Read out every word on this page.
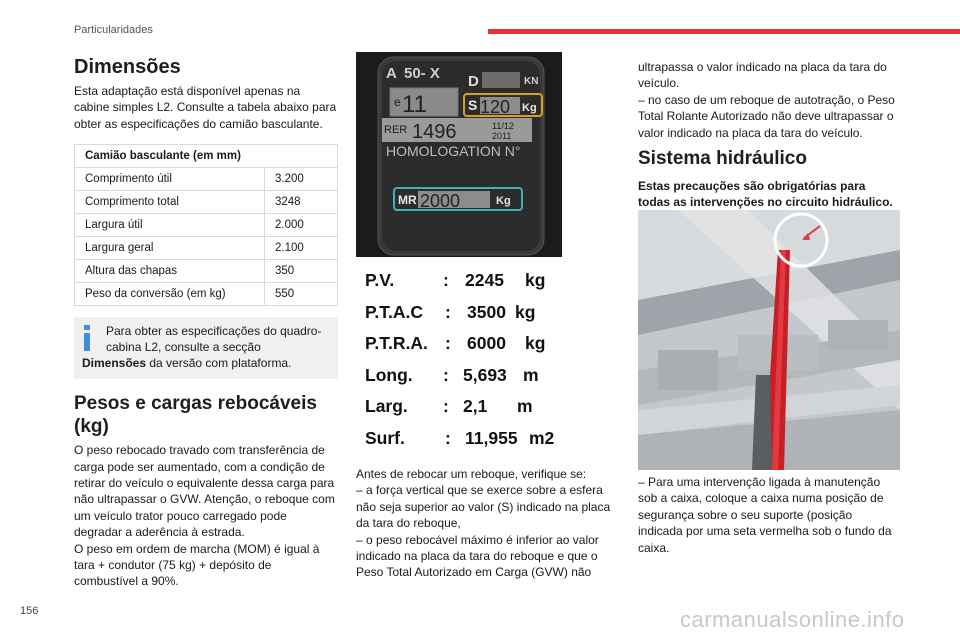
Particularidades
Dimensões

Esta adaptação está disponível apenas na cabine simples L2. Consulte a tabela abaixo para obter as especificações do camião basculante.

Camião basculante (em mm)	
Comprimento útil	3.200
Comprimento total	3248
Largura útil	2.000
Largura geral	2.100
Altura das chapas	350
Peso da conversão (em kg)	550
Para obter as especificações do quadro-cabina L2, consulte a secção
Dimensões da versão com plataforma.
Pesos e cargas rebocáveis (kg)

O peso rebocado travado com transferência de carga pode ser aumentado, com a condição de retirar do veículo o equivalente dessa carga para não ultrapassar o GVW. Atenção, o reboque com um veículo trator pouco carregado pode degradar a aderência à estrada.

O peso em ordem de marcha (MOM) é igual à tara + condutor (75 kg) + depósito de combustível a 90%.

A 50- X D	KN
e 11	S 120 Kg
RER 1496	11/12
2011
HOMOLOGATION N°
MR 2000	Kg
P.V.	: 2245 kg
P.T.A.C : 3500 kg
P.T.R.A. : 6000 kg
Long. : 5,693 m
Larg. : 2,1 m
Surf. : 11,955 m2

Antes de rebocar um reboque, verifique se:

– a força vertical que se exerce sobre a esfera não seja superior ao valor (S) indicado na placa da tara do reboque,

– o peso rebocável máximo é inferior ao valor indicado na placa da tara do reboque e que o Peso Total Autorizado em Carga (GVW) não

ultrapassa o valor indicado na placa da tara do veículo.

– no caso de um reboque de autotração, o Peso Total Rolante Autorizado não deve ultrapassar o valor indicado na placa da tara do veículo.

Sistema hidráulico

Estas precauções são obrigatórias para todas as intervenções no circuito hidráulico.

– Para uma intervenção ligada à manutenção sob a caixa, coloque a caixa numa posição de segurança sobre o seu suporte (posição indicada por uma seta vermelha sob o fundo da caixa.

156	carmanualsonline.info
